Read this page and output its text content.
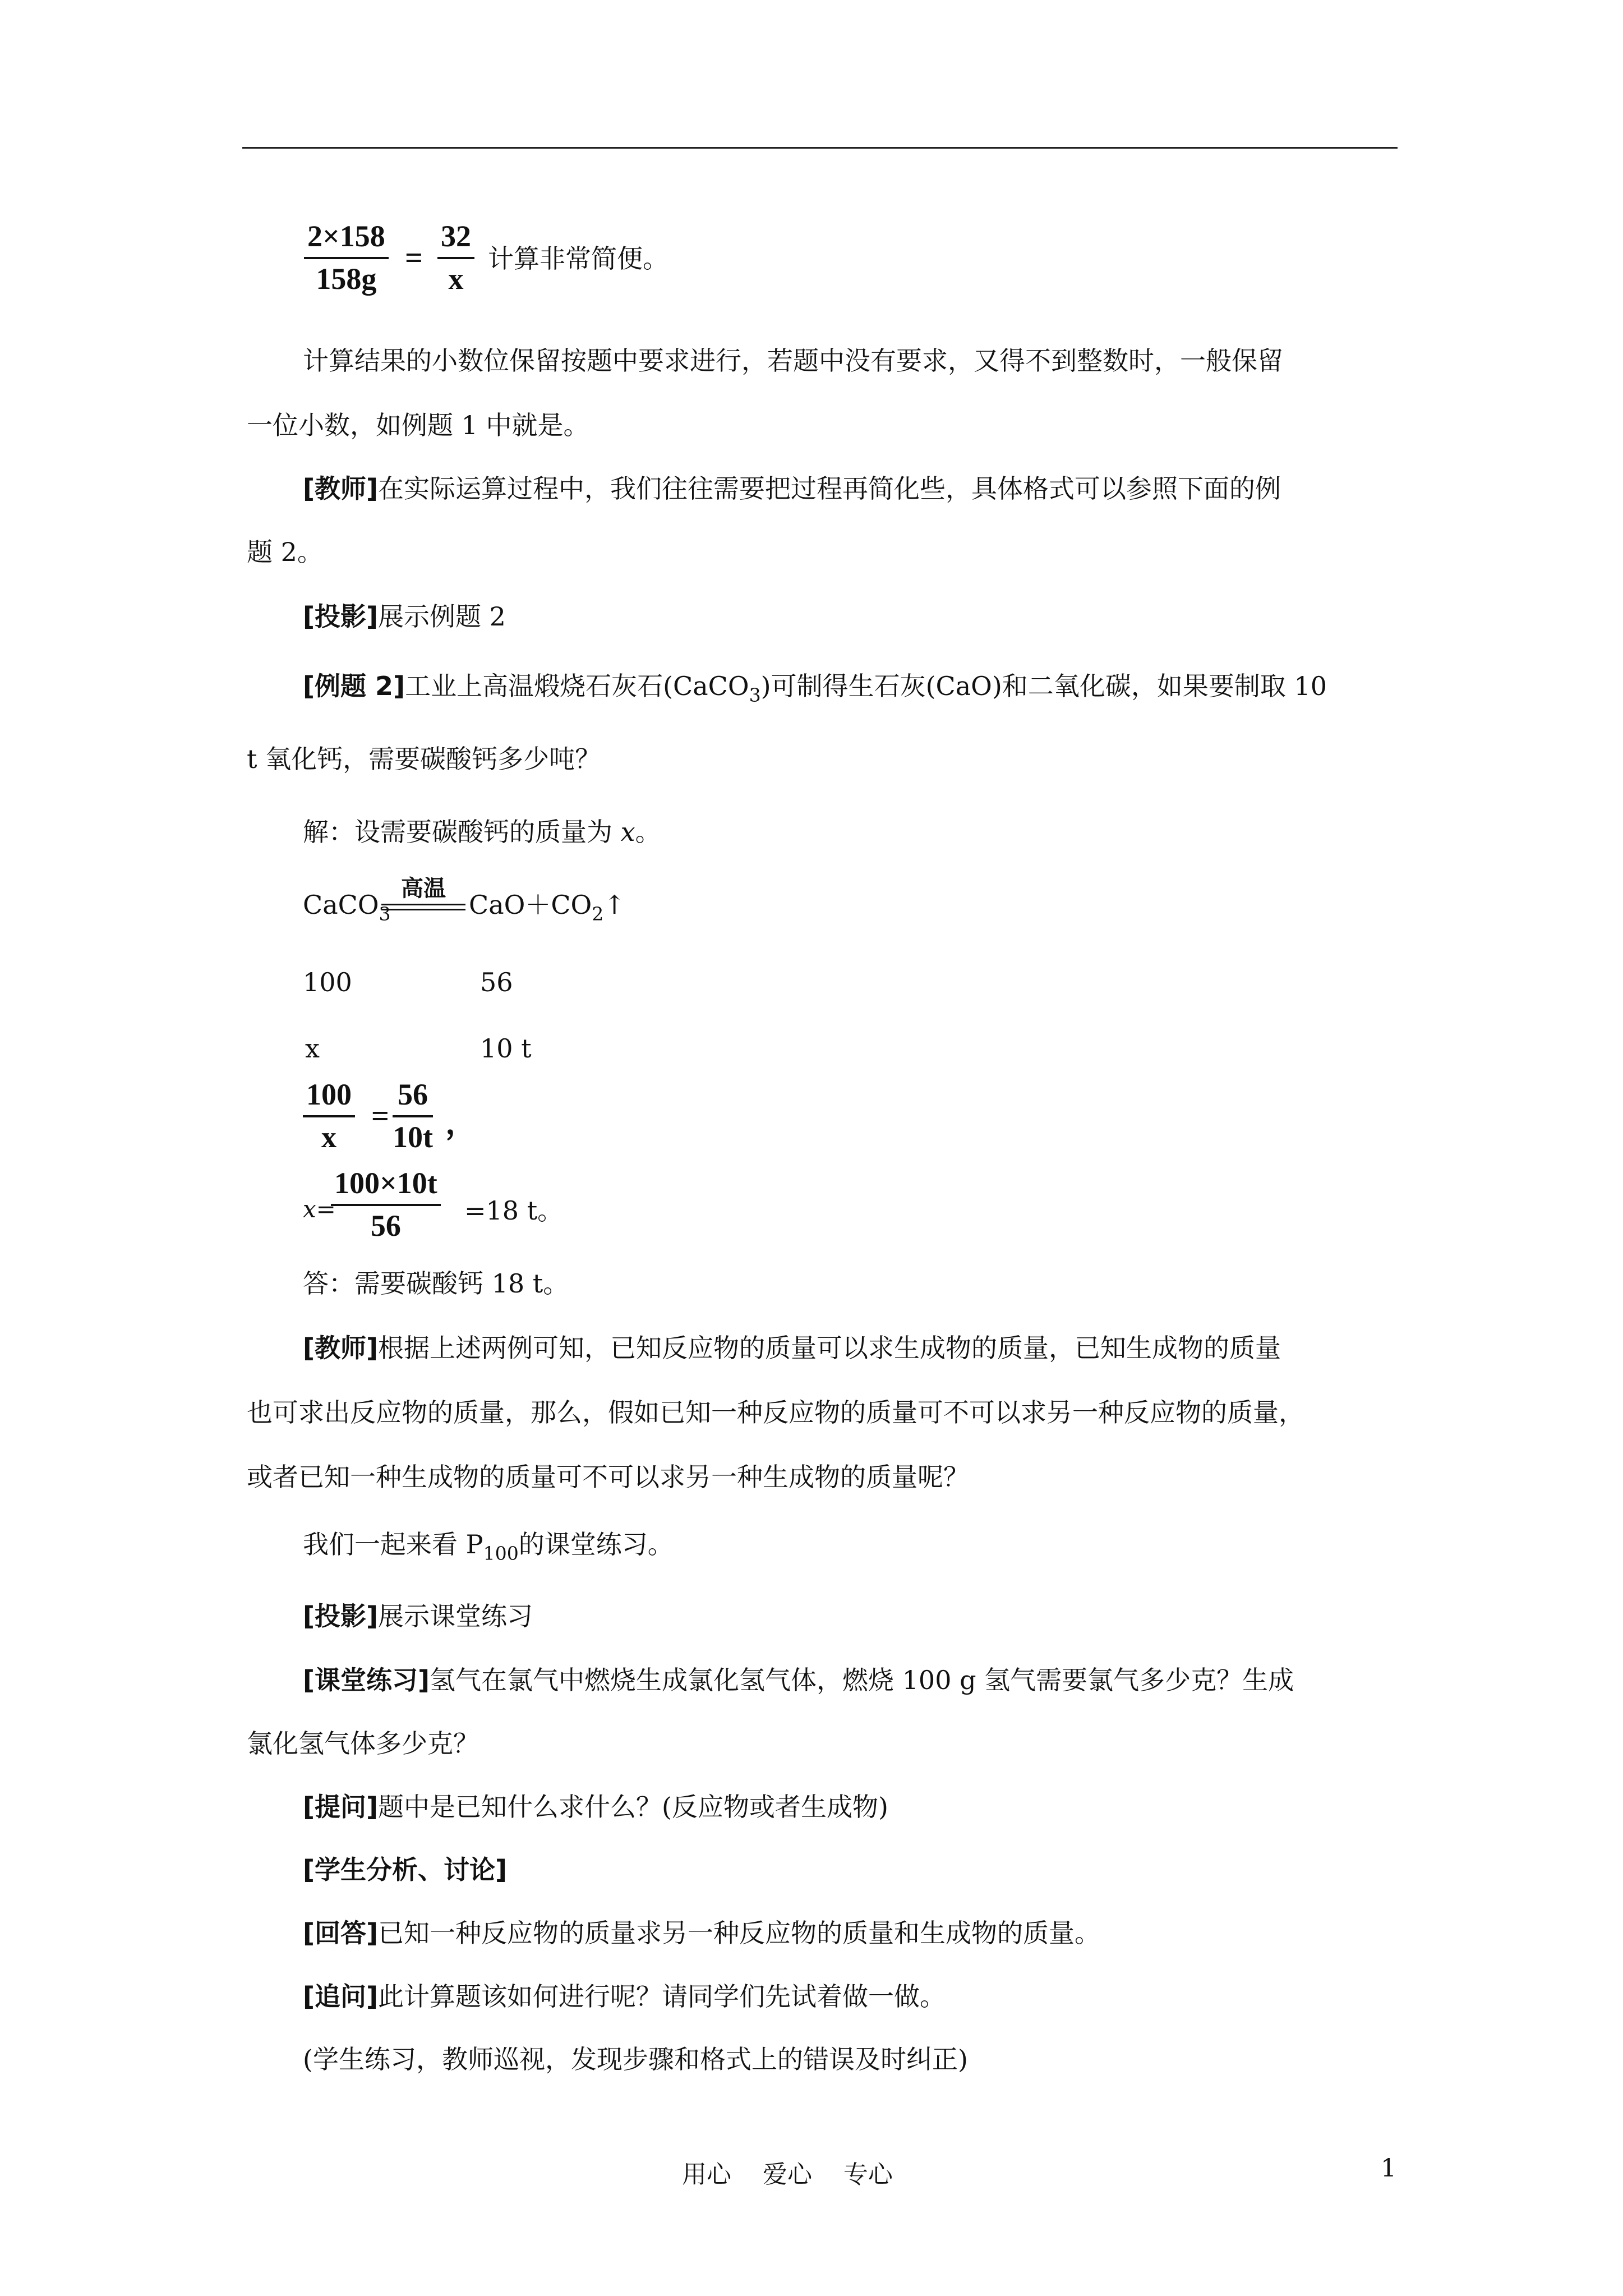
$\frac{2\times 158}{158g} = \frac{32}{x}$ 计算非常简便。
计算结果的小数位保留按题中要求进行，若题中没有要求，又得不到整数时，一般保留
一位小数，如例题 1 中就是。
[教师]在实际运算过程中，我们往往需要把过程再简化些，具体格式可以参照下面的例
题 2。
[投影]展示例题 2
[例题 2]工业上高温煅烧石灰石(CaCO$_3$)可制得生石灰(CaO)和二氧化碳，如果要制取 10
t 氧化钙，需要碳酸钙多少吨？
解：设需要碳酸钙的质量为 x。
CaCO$_3$
高温
$CaO+CO_2↑$
100	56
x	10 t
$\frac{100}{x} = \frac{56}{10t}$ ，
x=
$\frac{100\times 10t}{56} =18$ t。
答：需要碳酸钙 18 t。
[教师]根据上述两例可知，已知反应物的质量可以求生成物的质量，已知生成物的质量
也可求出反应物的质量，那么，假如已知一种反应物的质量可不可以求另一种反应物的质量，
或者已知一种生成物的质量可不可以求另一种生成物的质量呢？
我们一起来看 $P_{100}$的课堂练习。
[投影]展示课堂练习
[课堂练习]氢气在氯气中燃烧生成氯化氢气体，燃烧 100 g 氢气需要氯气多少克？生成
氯化氢气体多少克？
[提问]题中是已知什么求什么？(反应物或者生成物)
[学生分析、讨论]
[回答]已知一种反应物的质量求另一种反应物的质量和生成物的质量。
[追问]此计算题该如何进行呢？请同学们先试着做一做。
(学生练习，教师巡视，发现步骤和格式上的错误及时纠正)
用心    爱心    专心	1
